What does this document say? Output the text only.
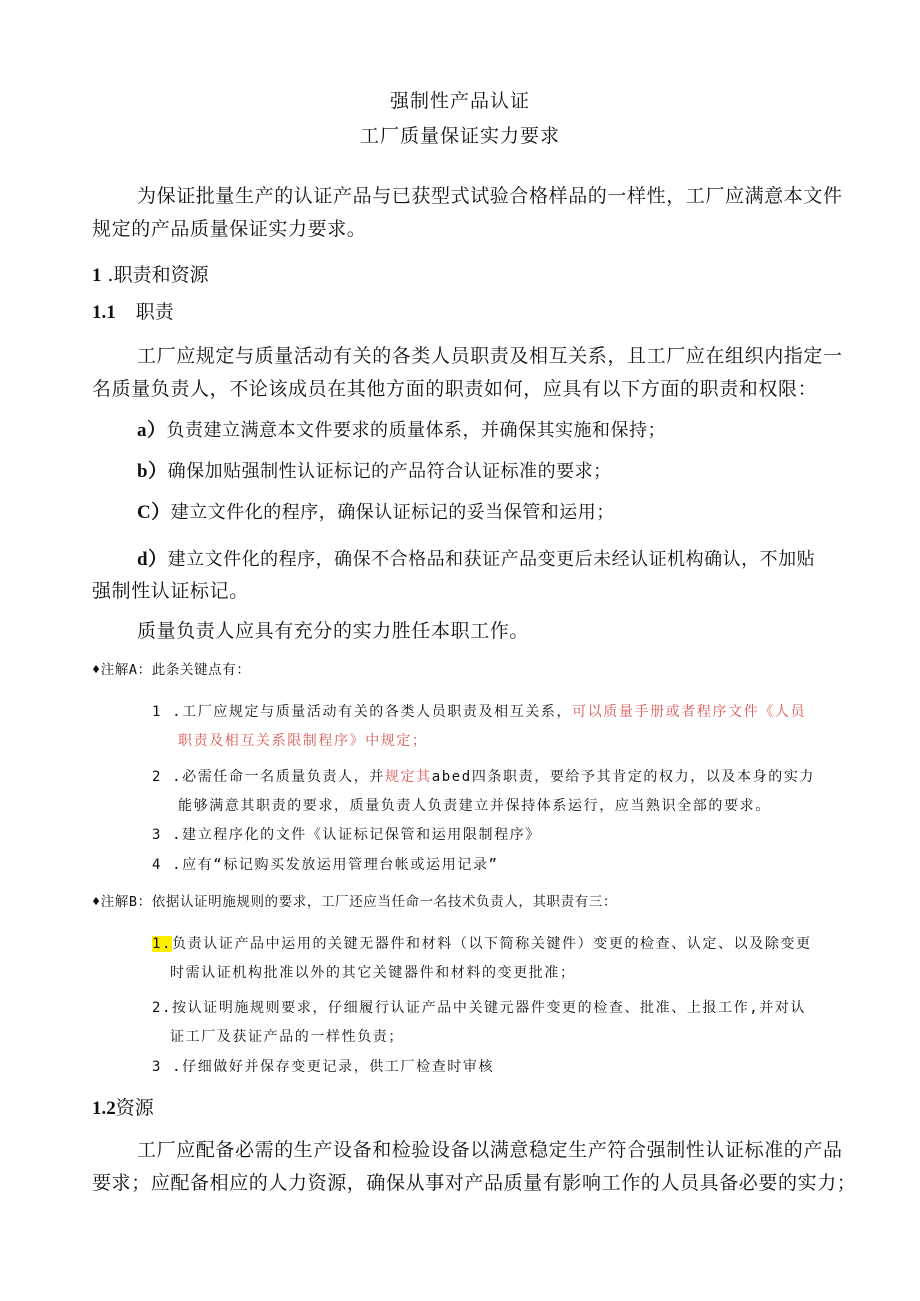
强制性产品认证
工厂质量保证实力要求
为保证批量生产的认证产品与已获型式试验合格样品的一样性，工厂应满意本文件
规定的产品质量保证实力要求。
1 .职责和资源
1.1 职责
工厂应规定与质量活动有关的各类人员职责及相互关系，且工厂应在组织内指定一
名质量负责人，不论该成员在其他方面的职责如何，应具有以下方面的职责和权限：
a）负责建立满意本文件要求的质量体系，并确保其实施和保持；
b）确保加贴强制性认证标记的产品符合认证标准的要求；
C）建立文件化的程序，确保认证标记的妥当保管和运用；
d）建立文件化的程序，确保不合格品和获证产品变更后未经认证机构确认，不加贴
强制性认证标记。
质量负责人应具有充分的实力胜任本职工作。
♦注解A：此条关键点有：
1 .工厂应规定与质量活动有关的各类人员职责及相互关系，可以质量手册或者程序文件《人员
职责及相互关系限制程序》中规定；
2 .必需任命一名质量负责人，并规定其abed四条职责，要给予其肯定的权力，以及本身的实力
能够满意其职责的要求，质量负责人负责建立并保持体系运行，应当熟识全部的要求。
3 .建立程序化的文件《认证标记保管和运用限制程序》
4 .应有“标记购买发放运用管理台帐或运用记录”
♦注解B：依据认证明施规则的要求，工厂还应当任命一名技术负责人，其职责有三：
1.负责认证产品中运用的关键无器件和材料（以下简称关键件）变更的检查、认定、以及除变更
时需认证机构批准以外的其它关键器件和材料的变更批准；
2.按认证明施规则要求，仔细履行认证产品中关键元器件变更的检查、批准、上报工作,并对认
证工厂及获证产品的一样性负责；
3 .仔细做好并保存变更记录，供工厂检查时审核
1.2资源
工厂应配备必需的生产设备和检验设备以满意稳定生产符合强制性认证标准的产品
要求；应配备相应的人力资源，确保从事对产品质量有影响工作的人员具备必要的实力；
